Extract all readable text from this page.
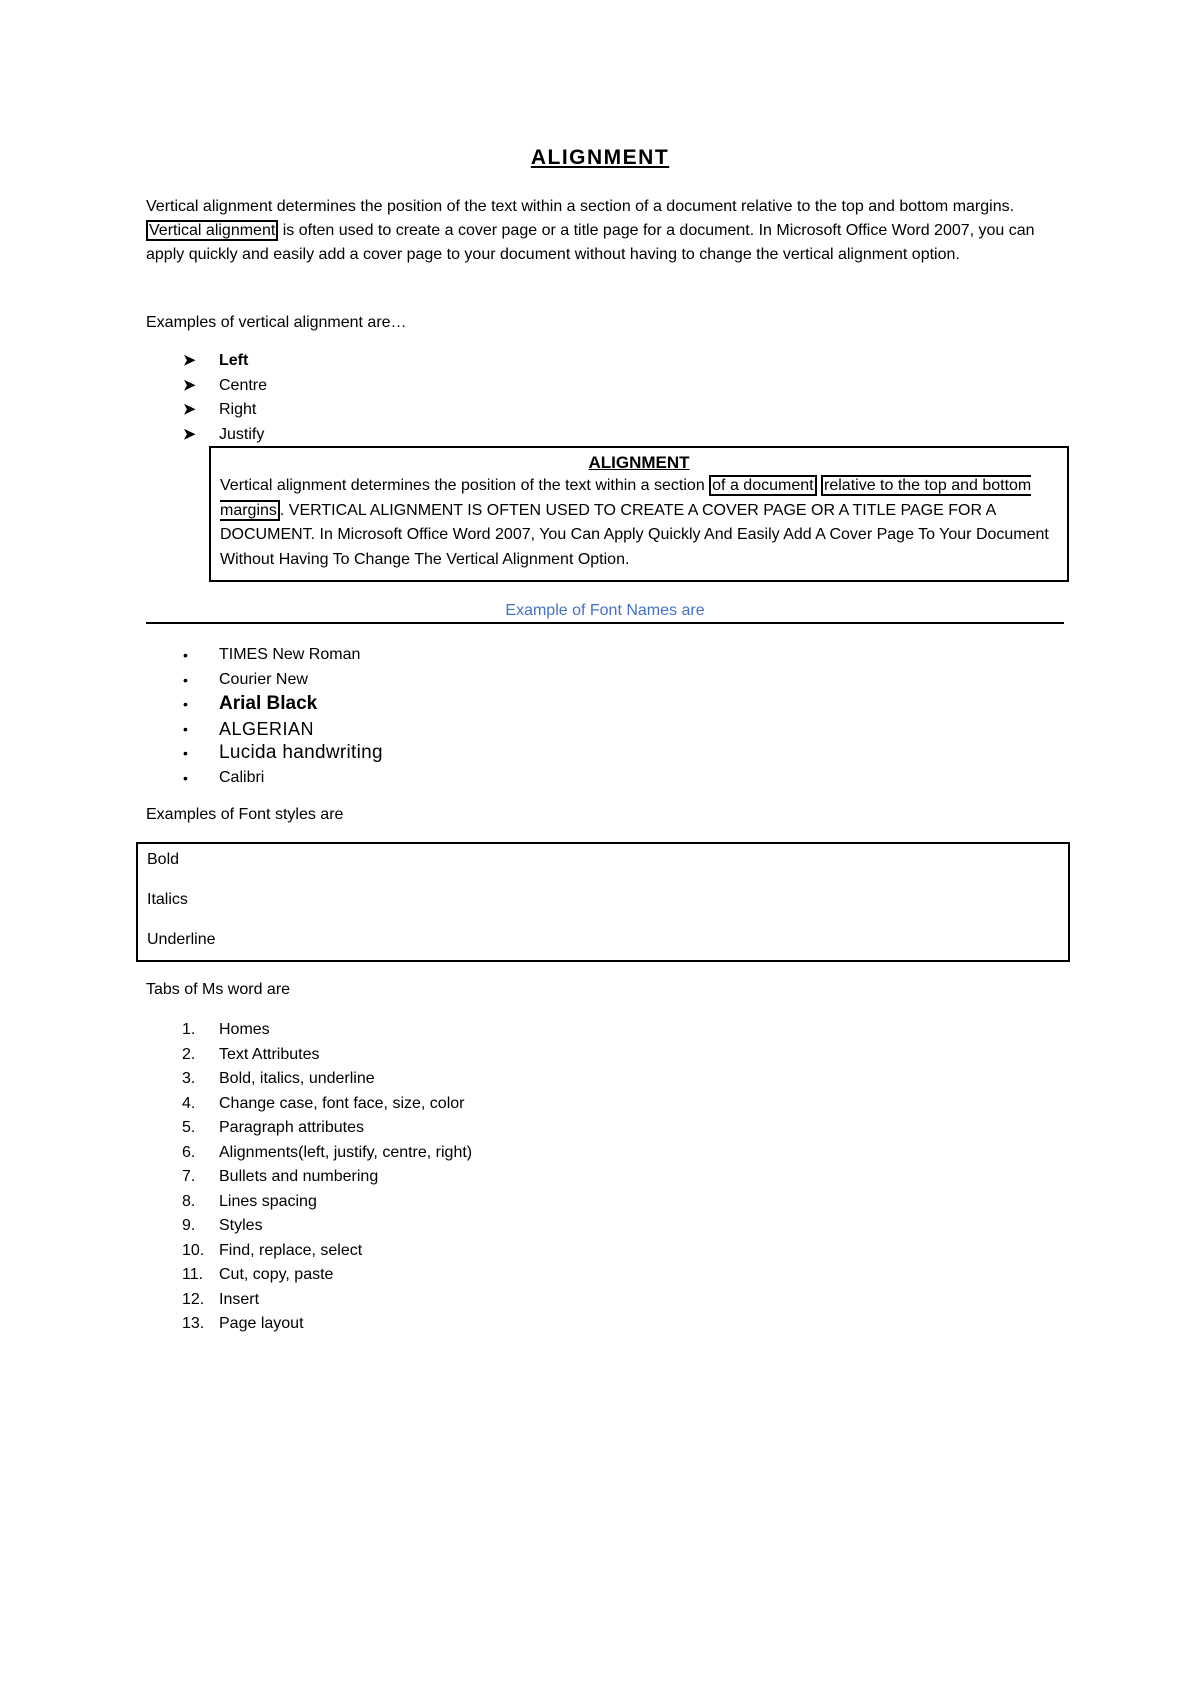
ALIGNMENT
Vertical alignment determines the position of the text within a section of a document relative to the top and bottom margins. Vertical alignment is often used to create a cover page or a title page for a document. In Microsoft Office Word 2007, you can apply quickly and easily add a cover page to your document without having to change the vertical alignment option.
Examples of vertical alignment are…
➤ Left
➤ Centre
➤ Right
➤ Justify
ALIGNMENT
Vertical alignment determines the position of the text within a section of a document relative to the top and bottom margins . VERTICAL ALIGNMENT IS OFTEN USED TO CREATE A COVER PAGE OR A TITLE PAGE FOR A DOCUMENT. In Microsoft Office Word 2007, You Can Apply Quickly And Easily Add A Cover Page To Your Document Without Having To Change The Vertical Alignment Option.
Example of Font Names are
• TIMES New Roman
• Courier New
• Arial Black
• ALGERIAN
• Lucida handwriting
• Calibri
Examples of Font styles are
Bold
Italics
Underline
Tabs of Ms word are
1. Homes
2. Text Attributes
3. Bold, italics, underline
4. Change case, font face, size, color
5. Paragraph attributes
6. Alignments(left, justify, centre, right)
7. Bullets and numbering
8. Lines spacing
9. Styles
10. Find, replace, select
11. Cut, copy, paste
12. Insert
13. Page layout
